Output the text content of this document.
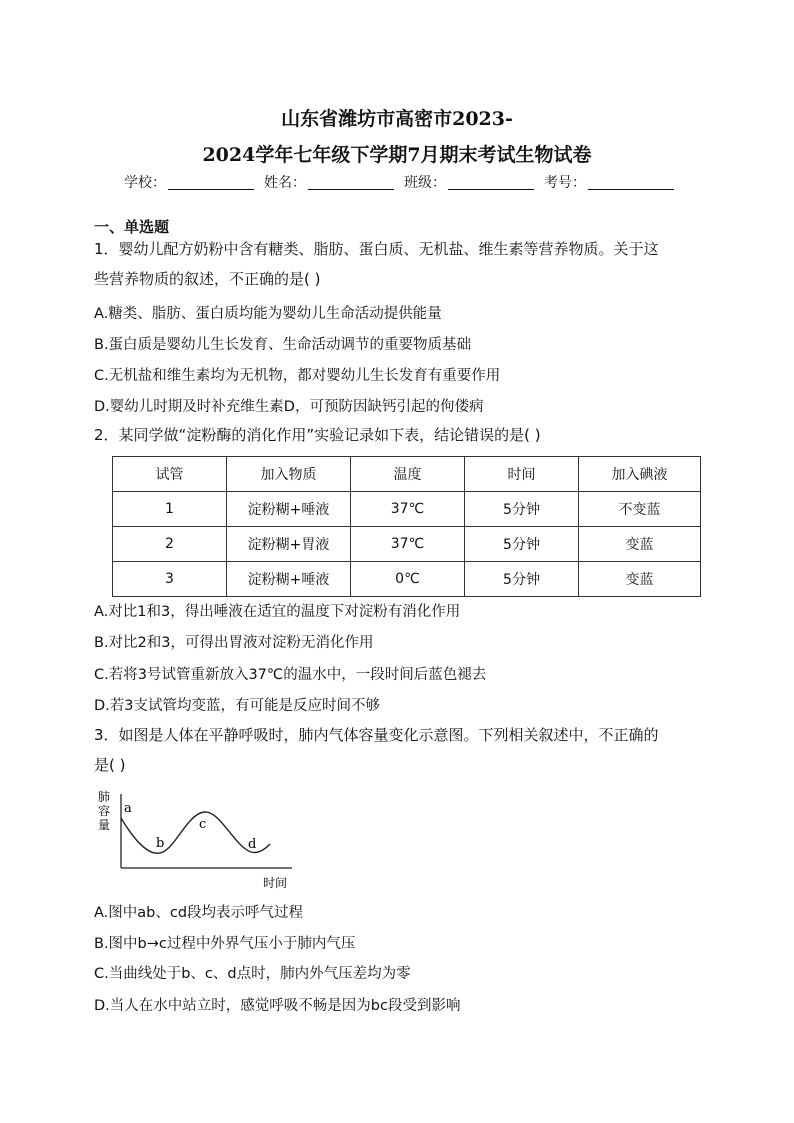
山东省潍坊市高密市2023-
2024学年七年级下学期7月期末考试生物试卷
学校：	姓名：	班级：	考号：
一、单选题
1．婴幼儿配方奶粉中含有糖类、脂肪、蛋白质、无机盐、维生素等营养物质。关于这
些营养物质的叙述，不正确的是( )
A.糖类、脂肪、蛋白质均能为婴幼儿生命活动提供能量
B.蛋白质是婴幼儿生长发育、生命活动调节的重要物质基础
C.无机盐和维生素均为无机物，都对婴幼儿生长发育有重要作用
D.婴幼儿时期及时补充维生素D，可预防因缺钙引起的佝偻病
2．某同学做“淀粉酶的消化作用”实验记录如下表，结论错误的是( )
试管	加入物质	温度	时间	加入碘液
1	淀粉糊+唾液	37℃	5分钟	不变蓝
2	淀粉糊+胃液	37℃	5分钟	变蓝
3	淀粉糊+唾液	0℃	5分钟	变蓝
A.对比1和3，得出唾液在适宜的温度下对淀粉有消化作用
B.对比2和3，可得出胃液对淀粉无消化作用
C.若将3号试管重新放入37℃的温水中，一段时间后蓝色褪去
D.若3支试管均变蓝，有可能是反应时间不够
3．如图是人体在平静呼吸时，肺内气体容量变化示意图。下列相关叙述中，不正确的
是( )
肺
容
量
a
b
c
d
时间
A.图中ab、cd段均表示呼气过程
B.图中b→c过程中外界气压小于肺内气压
C.当曲线处于b、c、d点时，肺内外气压差均为零
D.当人在水中站立时，感觉呼吸不畅是因为bc段受到影响
